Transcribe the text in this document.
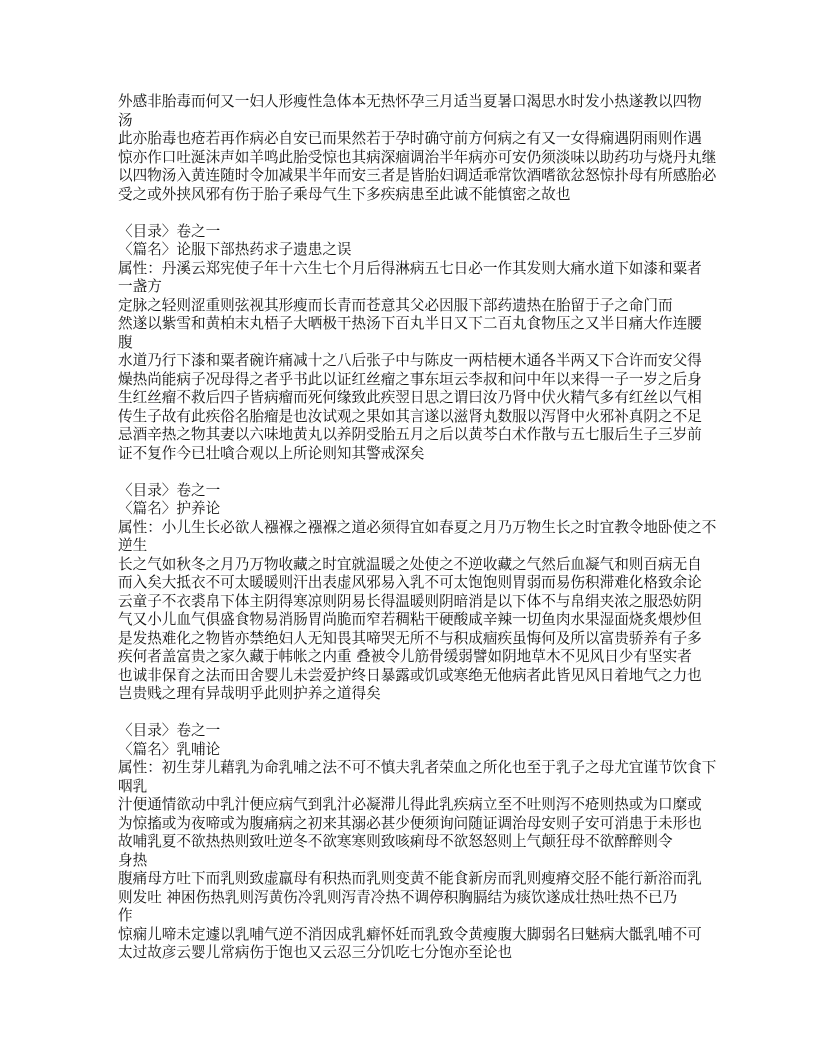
外感非胎毒而何又一妇人形瘦性急体本无热怀孕三月适当夏暑口渴思水时发小热遂教以四物
汤
此亦胎毒也疮若再作病必自安已而果然若于孕时确守前方何病之有又一女得痫遇阴雨则作遇
惊亦作口吐涎沫声如羊鸣此胎受惊也其病深痼调治半年病亦可安仍须淡味以助药功与烧丹丸继
以四物汤入黄连随时令加减果半年而安三者是皆胎妇调适乖常饮酒嗜欲忿怒惊扑母有所感胎必
受之或外挟风邪有伤于胎子乘母气生下多疾病患至此诚不能慎密之故也
〈目录〉卷之一
〈篇名〉论服下部热药求子遗患之误
属性：丹溪云郑宪使子年十六生七个月后得淋病五七日必一作其发则大痛水道下如漆和粟者
一盏方
定脉之轻则涩重则弦视其形瘦而长青而苍意其父必因服下部药遗热在胎留于子之命门而
然遂以紫雪和黄柏末丸梧子大晒极干热汤下百丸半日又下二百丸食物压之又半日痛大作连腰
腹
水道乃行下漆和粟者碗许痛减十之八后张子中与陈皮一两桔梗木通各半两又下合许而安父得
燥热尚能病子况母得之者乎书此以证红丝瘤之事东垣云李叔和问中年以来得一子一岁之后身
生红丝瘤不救后四子皆病瘤而死何缘致此疾翌日思之谓曰汝乃肾中伏火精气多有红丝以气相
传生子故有此疾俗名胎瘤是也汝试观之果如其言遂以滋肾丸数服以泻肾中火邪补真阴之不足
忌酒辛热之物其妻以六味地黄丸以养阴受胎五月之后以黄芩白术作散与五七服后生子三岁前
证不复作今已壮嗿合观以上所论则知其警戒深矣
〈目录〉卷之一
〈篇名〉护养论
属性：小儿生长必欲人襁褓之襁褓之道必须得宜如春夏之月乃万物生长之时宜教令地卧使之不
逆生
长之气如秋冬之月乃万物收藏之时宜就温暖之处使之不逆收藏之气然后血凝气和则百病无自
而入矣大抵衣不可太暖暖则汗出表虚风邪易入乳不可太饱饱则胃弱而易伤积滞难化格致余论
云童子不衣裘帛下体主阴得寒凉则阴易长得温暖则阴暗消是以下体不与帛绢夹浓之服恐妨阴
气又小儿血气俱盛食物易消肠胃尚脆而窄若稠粘干硬酸咸辛辣一切鱼肉水果湿面烧炙煨炒但
是发热难化之物皆亦禁绝妇人无知畏其啼哭无所不与积成痼疾虽悔何及所以富贵骄养有子多
疾何者盖富贵之家久藏于帏帐之内重 叠被令儿筋骨缓弱譬如阴地草木不见风日少有坚实者
也诚非保育之法而田舍婴儿未尝爱护终日暴露或饥或寒绝无他病者此皆见风日着地气之力也
岂贵贱之理有异哉明乎此则护养之道得矣
〈目录〉卷之一
〈篇名〉乳哺论
属性：初生芽儿藉乳为命乳哺之法不可不慎夫乳者荣血之所化也至于乳子之母尤宜谨节饮食下
咽乳
汁便通情欲动中乳汁便应病气到乳汁必凝滞儿得此乳疾病立至不吐则泻不疮则热或为口糜或
为惊搐或为夜啼或为腹痛病之初来其溺必甚少便须询问随证调治母安则子安可消患于未形也
故哺乳夏不欲热热则致吐逆冬不欲寒寒则致咳痢母不欲怒怒则上气颠狂母不欲醉醉则令
身热
腹痛母方吐下而乳则致虚羸母有积热而乳则变黄不能食新房而乳则瘦瘠交胫不能行新浴而乳
则发吐 神困伤热乳则泻黄伤冷乳则泻青冷热不调停积胸膈结为痰饮遂成壮热吐热不已乃
作
惊痫儿啼未定遽以乳哺气逆不消因成乳癖怀妊而乳致令黄瘦腹大脚弱名曰魅病大骶乳哺不可
太过故彦云婴儿常病伤于饱也又云忍三分饥吃七分饱亦至论也
